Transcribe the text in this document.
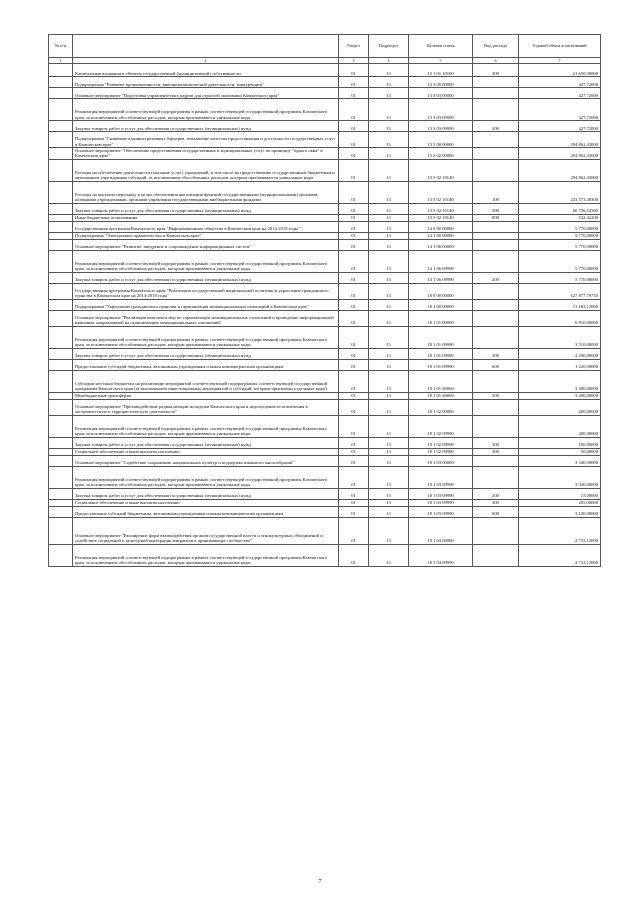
№ п/п		Раздел	Подраздел	Целевая статья	Вид расхода	Годовой объем ассигнований
1	2	3	4	5	6	7
	Капитальные вложения в объекты государственной (муниципальной) собственности	01	13	13 1 01 10160	400	21 650,00000
	Подпрограмма "Развитие промышленности, внешнеэкономической деятельности, конкуренции"	01	13	13 3 00 00000		427,72000
	Основное мероприятие "Подготовка управленческих кадров для отраслей экономики Камчатского края"	01	13	13 3 03 00000		427,72000
	Реализация мероприятий соответствующей подпрограммы в рамках соответствующей государственной программы Камчатского края, за исключением обособленных расходов, которым присваиваются уникальные коды	01	13	13 3 03 09990		427,72000
	Закупка товаров, работ и услуг для обеспечения государственных (муниципальных) нужд	01	13	13 3 03 09990	200	427,72000
	Подпрограмма "Снижение административных барьеров, повышение качества предоставления и доступности государственных услуг в Камчатском крае"	01	13	13 5 00 00000		294 862,43000
	Основное мероприятие "Обеспечение предоставления государственных и муниципальных услуг по принципу "одного окна" в Камчатском крае"	01	13	13 5 02 00000		294 862,43000
	Расходы на обеспечение деятельности (оказание услуг) учреждений, в том числе на предоставление государственным бюджетным и автономным учреждениям субсидий, за исключением обособленных расходов, которым присваиваются уникальные коды	01	13	13 5 02 10140		294 862,43000
	Расходы на выплаты персоналу в целях обеспечения выполнения функций государственными (муниципальными) органами, казенными учреждениями, органами управления государственными внебюджетными фондами	01	13	13 5 02 10140	100	233 573,48300
	Закупка товаров, работ и услуг для обеспечения государственных (муниципальных) нужд	01	13	13 5 02 10140	200	60 756,52500
	Иные бюджетные ассигнования	01	13	13 5 02 10140	800	532,42200
	Государственная программа Камчатского края "Информационное общество в Камчатском крае на 2014-2018 годы"	01	13	14 0 00 00000		5 770,00000
	Подпрограмма "Электронное правительство в Камчатском крае"	01	13	14 1 00 00000		5 770,00000
	Основное мероприятие "Развитие, внедрение и сопровождение информационных систем"	01	13	14 1 06 00000		5 770,00000
	Реализация мероприятий соответствующей подпрограммы в рамках соответствующей государственной программы Камчатского края, за исключением обособленных расходов, которым присваиваются уникальные коды	01	13	14 1 06 09990		5 770,00000
	Закупка товаров, работ и услуг для обеспечения государственных (муниципальных) нужд	01	13	14 1 06 09990	200	5 770,00000
	Государственная программа Камчатского края "Реализация государственной национальной политики и укрепление гражданского единства в Камчатском крае на 2014-2018 годы"	01	13	18 0 00 00000		127 877,79735
	Подпрограмма "Укрепление гражданского единства и гармонизация межнациональных отношений в Камчатском крае"	01	13	18 1 00 00000		13 183,12000
	Основное мероприятие "Реализация комплекса мер по гармонизации межнациональных отношений и проведение информационной кампании, направленной на гармонизацию межнациональных отношений"	01	13	18 1 01 00000		6 910,00000
	Реализация мероприятий соответствующей подпрограммы в рамках соответствующей государственной программы Камчатского края, за исключением обособленных расходов, которым присваиваются уникальные коды	01	13	18 1 01 09990		3 510,00000
	Закупка товаров, работ и услуг для обеспечения государственных (муниципальных) нужд	01	13	18 1 01 09990	200	2 290,00000
	Предоставление субсидий бюджетным, автономным учреждениям и иным некоммерческим организациям	01	13	18 1 01 09990	600	1 220,00000
	Субсидии местным бюджетам на реализацию мероприятий соответствующей подпрограммы соответствующей государственной программы Камчатского края (за исключением инвестиционных мероприятий и субсидий, которым присвоены отдельные коды)	01	13	18 1 01 40060		3 400,00000
	Межбюджетные трансферты	01	13	18 1 01 40060	500	3 400,00000
	Основное мероприятие "Противодействие радикализации молодежи Камчатского края и недопущение ее вовлечения в экстремистскую и террористическую деятельность"	01	13	18 1 02 00000		200,00000
	Реализация мероприятий соответствующей подпрограммы в рамках соответствующей государственной программы Камчатского края, за исключением обособленных расходов, которым присваиваются уникальные коды	01	13	18 1 02 09990		200,00000
	Закупка товаров, работ и услуг для обеспечения государственных (муниципальных) нужд	01	13	18 1 02 09990	200	150,00000
	Социальное обеспечение и иные выплаты населению	01	13	18 1 02 09990	300	50,00000
	Основное мероприятие "Содействие сохранению национальных культур и поддержка языкового многообразия"	01	13	18 1 03 00000		3 340,00000
	Реализация мероприятий соответствующей подпрограммы в рамках соответствующей государственной программы Камчатского края, за исключением обособленных расходов, которым присваиваются уникальные коды	01	13	18 1 03 09990		3 340,00000
	Закупка товаров, работ и услуг для обеспечения государственных (муниципальных) нужд	01	13	18 1 03 09990	200	15,00000
	Социальное обеспечение и иные выплаты населению	01	13	18 1 03 09990	300	205,00000
	Предоставление субсидий бюджетным, автономным учреждениям и иным некоммерческим организациям	01	13	18 1 03 09990	600	3 120,00000
	Основное мероприятие "Расширение форм взаимодействия органов государственной власти и этнокультурных объединений и содействие социальной и культурной интеграции мигрантов в принимающее сообщество"	01	13	18 1 04 00000		2 733,12000
	Реализация мероприятий соответствующей подпрограммы в рамках соответствующей государственной программы Камчатского края, за исключением обособленных расходов, которым присваиваются уникальные коды	01	13	18 1 04 09990		2 733,12000
7
